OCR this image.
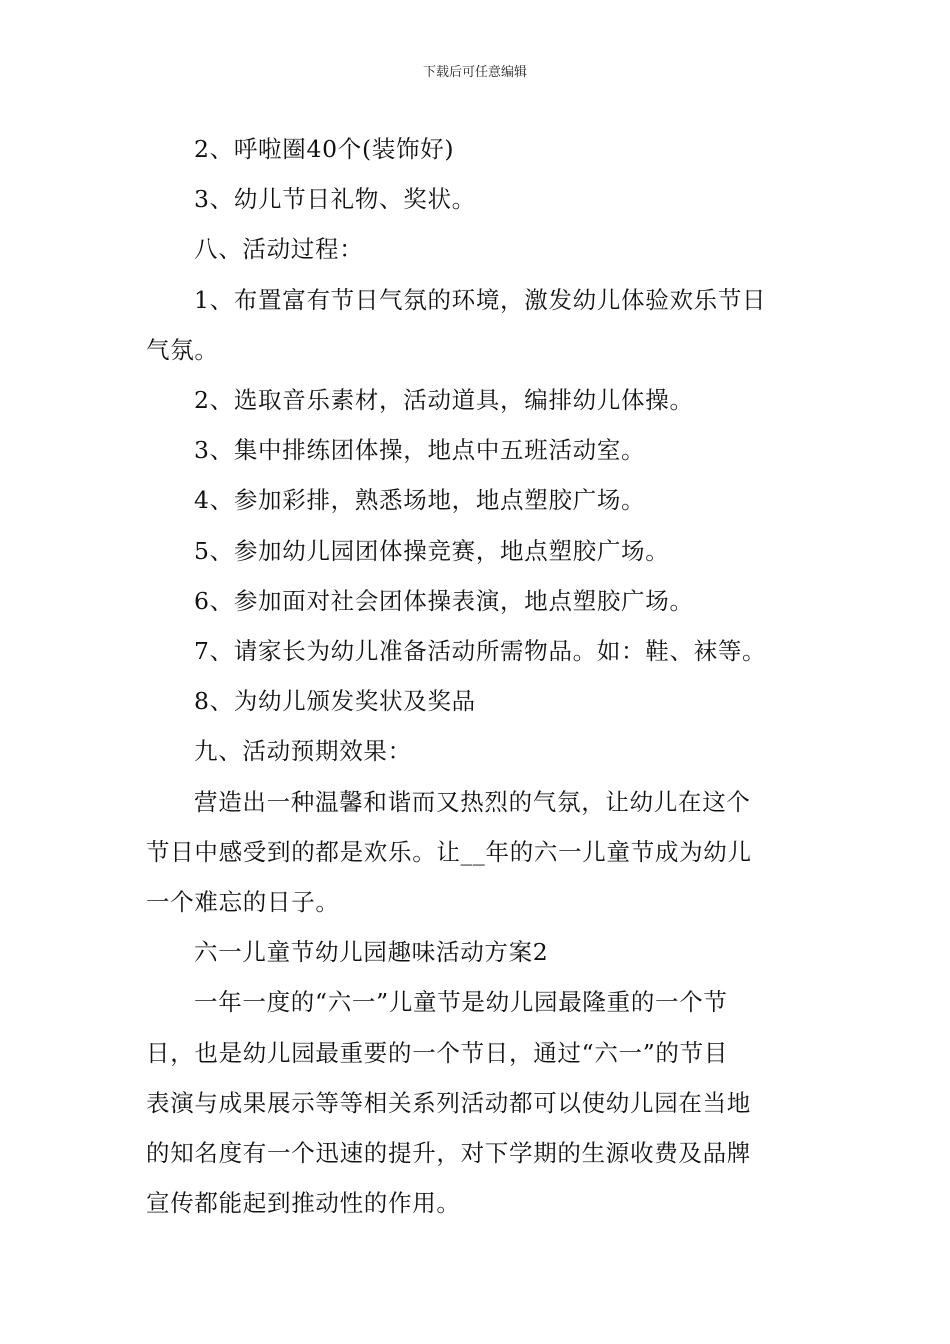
下载后可任意编辑

2、呼啦圈40个(装饰好)

3、幼儿节日礼物、奖状。

八、活动过程：

1、布置富有节日气氛的环境，激发幼儿体验欢乐节日

气氛。

2、选取音乐素材，活动道具，编排幼儿体操。

3、集中排练团体操，地点中五班活动室。

4、参加彩排，熟悉场地，地点塑胶广场。

5、参加幼儿园团体操竞赛，地点塑胶广场。

6、参加面对社会团体操表演，地点塑胶广场。

7、请家长为幼儿准备活动所需物品。如：鞋、袜等。

8、为幼儿颁发奖状及奖品

九、活动预期效果：

营造出一种温馨和谐而又热烈的气氛，让幼儿在这个

节日中感受到的都是欢乐。让__年的六一儿童节成为幼儿

一个难忘的日子。

六一儿童节幼儿园趣味活动方案2

一年一度的“六一”儿童节是幼儿园最隆重的一个节

日，也是幼儿园最重要的一个节日，通过“六一”的节目

表演与成果展示等等相关系列活动都可以使幼儿园在当地

的知名度有一个迅速的提升，对下学期的生源收费及品牌

宣传都能起到推动性的作用。
